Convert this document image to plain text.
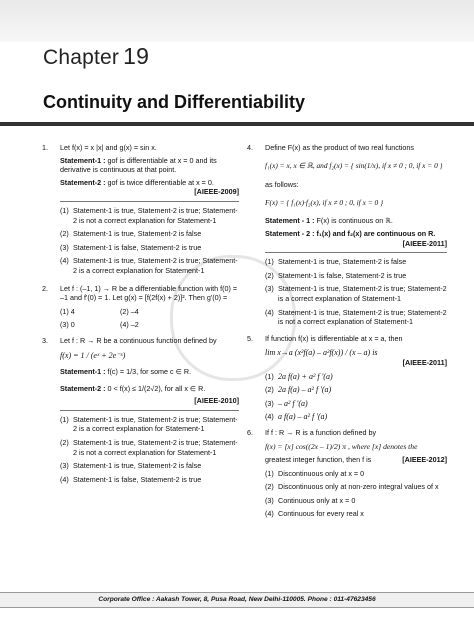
Chapter 19
Continuity and Differentiability
1. Let f(x) = x |x| and g(x) = sin x.
Statement-1 : gof is differentiable at x = 0 and its derivative is continuous at that point.
Statement-2 : gof is twice differentiable at x = 0.
[AIEEE-2009]
(1) Statement-1 is true, Statement-2 is true; Statement-2 is not a correct explanation for Statement-1
(2) Statement-1 is true, Statement-2 is false
(3) Statement-1 is false, Statement-2 is true
(4) Statement-1 is true, Statement-2 is true; Statement-2 is a correct explanation for Statement-1
2. Let f : (–1, 1) → R be a differentiable function with f(0) = –1 and f'(0) = 1. Let g(x) = [f(2f(x) + 2)]². Then g'(0) =
(1) 4	(2) –4
(3) 0	(4) –2
3. Let f : R → R be a continuous function defined by
f(x) = 1 / (eˣ + 2e⁻ˣ)
Statement-1 : f(c) = 1/3, for some c ∈ R.
Statement-2 : 0 < f(x) ≤ 1/(2√2), for all x ∈ R.
[AIEEE-2010]
(1) Statement-1 is true, Statement-2 is true; Statement-2 is a correct explanation for Statement-1
(2) Statement-1 is true, Statement-2 is true; Statement-2 is not a correct explanation for Statement-1
(3) Statement-1 is true, Statement-2 is false
(4) Statement-1 is false, Statement-2 is true
4. Define F(x) as the product of two real functions
f₁(x) = x, x ∈ ℝ, and f₂(x) = { sin(1/x), if x ≠ 0 ; 0, if x = 0 }
as follows:
F(x) = { f₁(x)·f₂(x), if x ≠ 0 ; 0, if x = 0 }
Statement - 1 : F(x) is continuous on ℝ.
Statement - 2 : f₁(x) and f₂(x) are continuous on R.
[AIEEE-2011]
(1) Statement-1 is true, Statement-2 is false
(2) Statement-1 is false, Statement-2 is true
(3) Statement-1 is true, Statement-2 is true; Statement-2 is a correct explanation of Statement-1
(4) Statement-1 is true, Statement-2 is true; Statement-2 is not a correct explanation of Statement-1
5. If function f(x) is differentiable at x = a, then
lim x→a (x²f(a) – a²f(x)) / (x – a) is
[AIEEE-2011]
(1) 2a f(a) + a² f '(a)
(2) 2a f(a) – a² f '(a)
(3) – a² f '(a)
(4) a f(a) – a² f '(a)
6. If f : R → R is a function defined by
f(x) = [x] cos((2x – 1)/2) π , where [x] denotes the
greatest integer function, then f is	[AIEEE-2012]
(1) Discontinuous only at x = 0
(2) Discontinuous only at non-zero integral values of x
(3) Continuous only at x = 0
(4) Continuous for every real x
Corporate Office : Aakash Tower, 8, Pusa Road, New Delhi-110005. Phone : 011-47623456
